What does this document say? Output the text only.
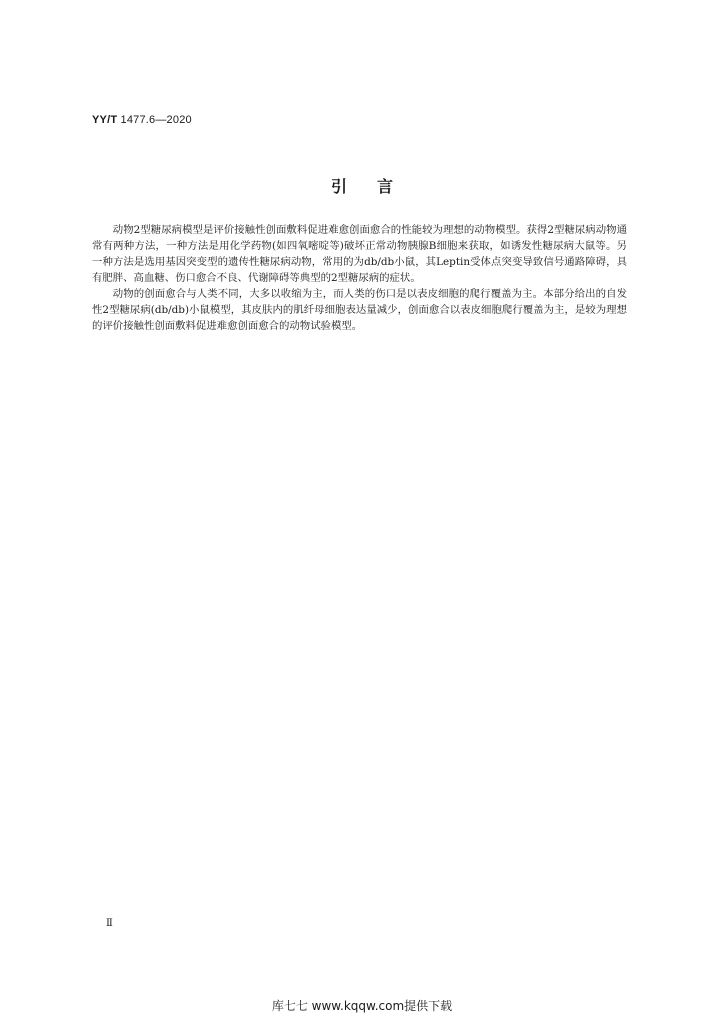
YY/T 1477.6—2020
引言

动物2型糖尿病模型是评价接触性创面敷料促进难愈创面愈合的性能较为理想的动物模型。获得2型糖尿病动物通常有两种方法，一种方法是用化学药物(如四氧嘧啶等)破坏正常动物胰腺B细胞来获取，如诱发性糖尿病大鼠等。另一种方法是选用基因突变型的遗传性糖尿病动物，常用的为db/db小鼠，其Leptin受体点突变导致信号通路障碍，具有肥胖、高血糖、伤口愈合不良、代谢障碍等典型的2型糖尿病的症状。

动物的创面愈合与人类不同，大多以收缩为主，而人类的伤口是以表皮细胞的爬行覆盖为主。本部分给出的自发性2型糖尿病(db/db)小鼠模型，其皮肤内的肌纤母细胞表达量减少，创面愈合以表皮细胞爬行覆盖为主，是较为理想的评价接触性创面敷料促进难愈创面愈合的动物试验模型。

Ⅱ
库七七 www.kqqw.com提供下载
